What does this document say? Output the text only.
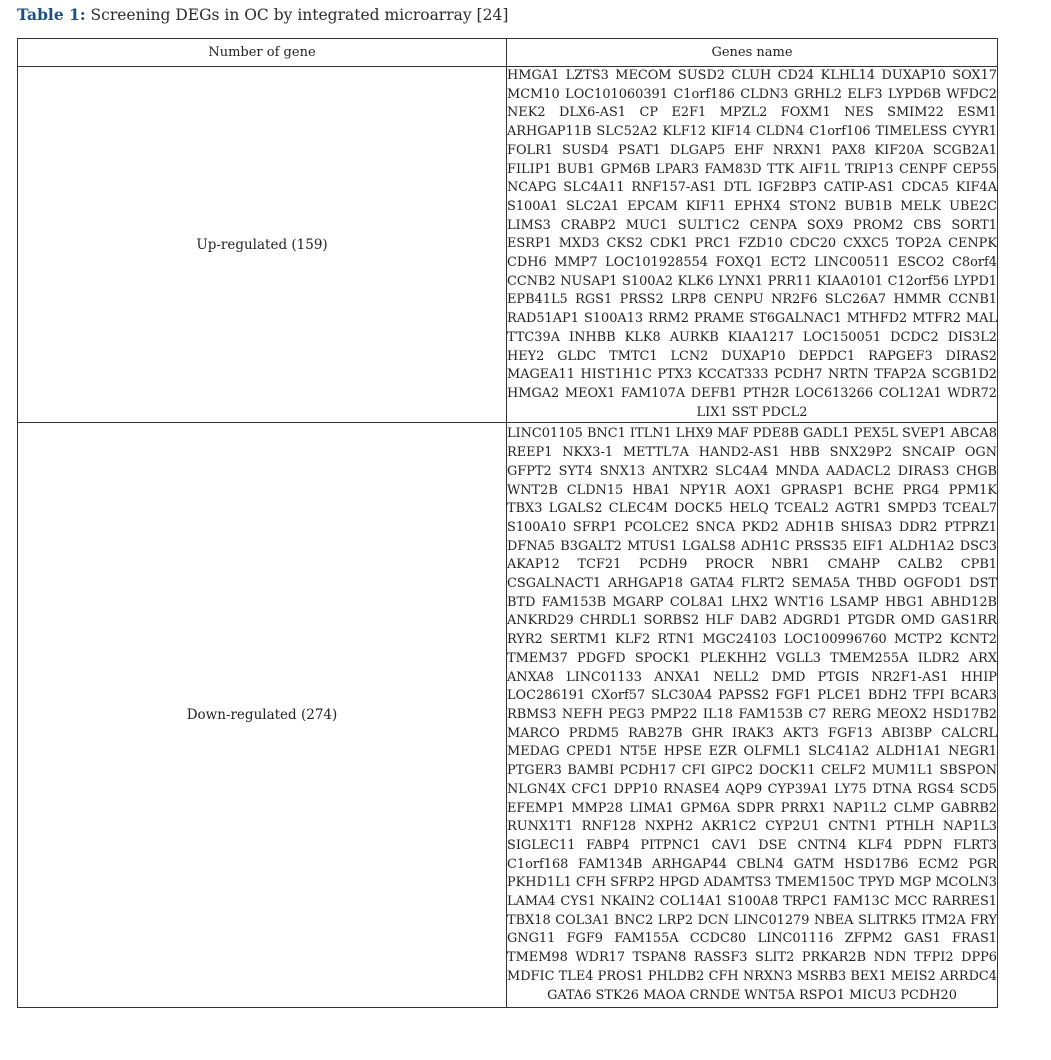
Table 1: Screening DEGs in OC by integrated microarray [24]
Number of gene	Genes name
Up-regulated (159)	HMGA1 LZTS3 MECOM SUSD2 CLUH CD24 KLHL14 DUXAP10 SOX17 MCM10 LOC101060391 C1orf186 CLDN3 GRHL2 ELF3 LYPD6B WFDC2 NEK2 DLX6-AS1 CP E2F1 MPZL2 FOXM1 NES SMIM22 ESM1 ARHGAP11B SLC52A2 KLF12 KIF14 CLDN4 C1orf106 TIMELESS CYYR1 FOLR1 SUSD4 PSAT1 DLGAP5 EHF NRXN1 PAX8 KIF20A SCGB2A1 FILIP1 BUB1 GPM6B LPAR3 FAM83D TTK AIF1L TRIP13 CENPF CEP55 NCAPG SLC4A11 RNF157-AS1 DTL IGF2BP3 CATIP-AS1 CDCA5 KIF4A S100A1 SLC2A1 EPCAM KIF11 EPHX4 STON2 BUB1B MELK UBE2C LIMS3 CRABP2 MUC1 SULT1C2 CENPA SOX9 PROM2 CBS SORT1 ESRP1 MXD3 CKS2 CDK1 PRC1 FZD10 CDC20 CXXC5 TOP2A CENPK CDH6 MMP7 LOC101928554 FOXQ1 ECT2 LINC00511 ESCO2 C8orf4 CCNB2 NUSAP1 S100A2 KLK6 LYNX1 PRR11 KIAA0101 C12orf56 LYPD1 EPB41L5 RGS1 PRSS2 LRP8 CENPU NR2F6 SLC26A7 HMMR CCNB1 RAD51AP1 S100A13 RRM2 PRAME ST6GALNAC1 MTHFD2 MTFR2 MAL TTC39A INHBB KLK8 AURKB KIAA1217 LOC150051 DCDC2 DIS3L2 HEY2 GLDC TMTC1 LCN2 DUXAP10 DEPDC1 RAPGEF3 DIRAS2 MAGEA11 HIST1H1C PTX3 KCCAT333 PCDH7 NRTN TFAP2A SCGB1D2 HMGA2 MEOX1 FAM107A DEFB1 PTH2R LOC613266 COL12A1 WDR72 LIX1 SST PDCL2
Down-regulated (274)	LINC01105 BNC1 ITLN1 LHX9 MAF PDE8B GADL1 PEX5L SVEP1 ABCA8 REEP1 NKX3-1 METTL7A HAND2-AS1 HBB SNX29P2 SNCAIP OGN GFPT2 SYT4 SNX13 ANTXR2 SLC4A4 MNDA AADACL2 DIRAS3 CHGB WNT2B CLDN15 HBA1 NPY1R AOX1 GPRASP1 BCHE PRG4 PPM1K TBX3 LGALS2 CLEC4M DOCK5 HELQ TCEAL2 AGTR1 SMPD3 TCEAL7 S100A10 SFRP1 PCOLCE2 SNCA PKD2 ADH1B SHISA3 DDR2 PTPRZ1 DFNA5 B3GALT2 MTUS1 LGALS8 ADH1C PRSS35 EIF1 ALDH1A2 DSC3 AKAP12 TCF21 PCDH9 PROCR NBR1 CMAHP CALB2 CPB1 CSGALNACT1 ARHGAP18 GATA4 FLRT2 SEMA5A THBD OGFOD1 DST BTD FAM153B MGARP COL8A1 LHX2 WNT16 LSAMP HBG1 ABHD12B ANKRD29 CHRDL1 SORBS2 HLF DAB2 ADGRD1 PTGDR OMD GAS1RR RYR2 SERTM1 KLF2 RTN1 MGC24103 LOC100996760 MCTP2 KCNT2 TMEM37 PDGFD SPOCK1 PLEKHH2 VGLL3 TMEM255A ILDR2 ARX ANXA8 LINC01133 ANXA1 NELL2 DMD PTGIS NR2F1-AS1 HHIP LOC286191 CXorf57 SLC30A4 PAPSS2 FGF1 PLCE1 BDH2 TFPI BCAR3 RBMS3 NEFH PEG3 PMP22 IL18 FAM153B C7 RERG MEOX2 HSD17B2 MARCO PRDM5 RAB27B GHR IRAK3 AKT3 FGF13 ABI3BP CALCRL MEDAG CPED1 NT5E HPSE EZR OLFML1 SLC41A2 ALDH1A1 NEGR1 PTGER3 BAMBI PCDH17 CFI GIPC2 DOCK11 CELF2 MUM1L1 SBSPON NLGN4X CFC1 DPP10 RNASE4 AQP9 CYP39A1 LY75 DTNA RGS4 SCD5 EFEMP1 MMP28 LIMA1 GPM6A SDPR PRRX1 NAP1L2 CLMP GABRB2 RUNX1T1 RNF128 NXPH2 AKR1C2 CYP2U1 CNTN1 PTHLH NAP1L3 SIGLEC11 FABP4 PITPNC1 CAV1 DSE CNTN4 KLF4 PDPN FLRT3 C1orf168 FAM134B ARHGAP44 CBLN4 GATM HSD17B6 ECM2 PGR PKHD1L1 CFH SFRP2 HPGD ADAMTS3 TMEM150C TPYD MGP MCOLN3 LAMA4 CYS1 NKAIN2 COL14A1 S100A8 TRPC1 FAM13C MCC RARRES1 TBX18 COL3A1 BNC2 LRP2 DCN LINC01279 NBEA SLITRK5 ITM2A FRY GNG11 FGF9 FAM155A CCDC80 LINC01116 ZFPM2 GAS1 FRAS1 TMEM98 WDR17 TSPAN8 RASSF3 SLIT2 PRKAR2B NDN TFPI2 DPP6 MDFIC TLE4 PROS1 PHLDB2 CFH NRXN3 MSRB3 BEX1 MEIS2 ARRDC4 GATA6 STK26 MAOA CRNDE WNT5A RSPO1 MICU3 PCDH20
